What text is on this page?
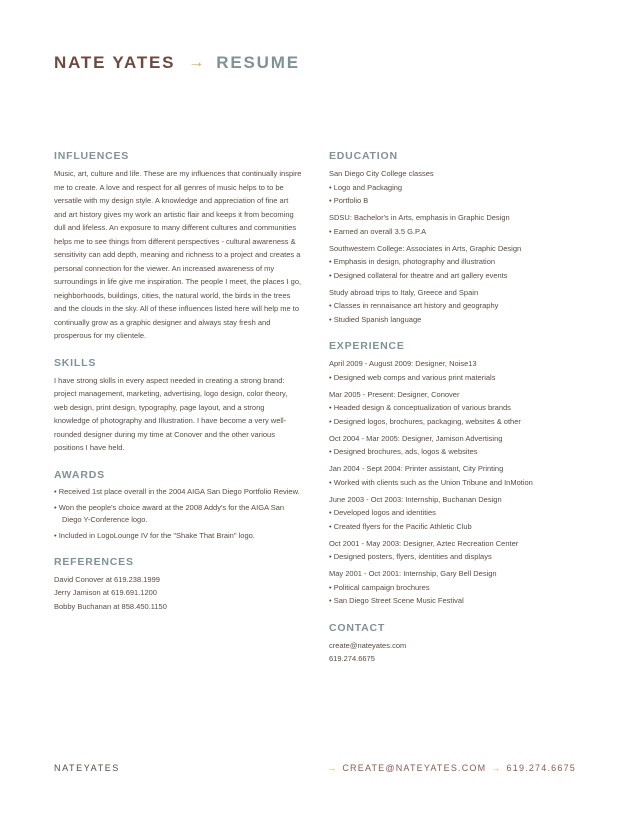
NATE YATES → RESUME
INFLUENCES

Music, art, culture and life. These are my influences that continually inspire me to create. A love and respect for all genres of music helps to to be versatile with my design style. A knowledge and appreciation of fine art and art history gives my work an artistic flair and keeps it from becoming dull and lifeless. An exposure to many different cultures and communities helps me to see things from different perspectives - cultural awareness & sensitivity can add depth, meaning and richness to a project and creates a personal connection for the viewer. An increased awareness of my surroundings in life give me inspiration. The people I meet, the places I go, neighborhoods, buildings, cities, the natural world, the birds in the trees and the clouds in the sky. All of these influences listed here will help me to continually grow as a graphic designer and always stay fresh and prosperous for my clientele.

SKILLS

I have strong skills in every aspect needed in creating a strong brand: project management, marketing, advertising, logo design, color theory, web design, print design, typography, page layout, and a strong knowledge of photography and Illustration. I have become a very well-rounded designer during my time at Conover and the other various positions I have held.

AWARDS
• Received 1st place overall in the 2004 AIGA San Diego Portfolio Review.
• Won the people's choice award at the 2008 Addy's for the AIGA San Diego Y-Conference logo.
• Included in LogoLounge IV for the "Shake That Brain" logo.
REFERENCES
David Conover at 619.238.1999
Jerry Jamison at 619.691.1200
Bobby Buchanan at 858.450.1150
EDUCATION
San Diego City College classes
• Logo and Packaging
• Portfolio B
SDSU: Bachelor's in Arts, emphasis in Graphic Design
• Earned an overall 3.5 G.P.A
Southwestern College: Associates in Arts, Graphic Design
• Emphasis in design, photography and illustration
• Designed collateral for theatre and art gallery events
Study abroad trips to Italy, Greece and Spain
• Classes in rennaisance art history and geography
• Studied Spanish language
EXPERIENCE
April 2009 - August 2009: Designer, Noise13
• Designed web comps and various print materials
Mar 2005 - Present: Designer, Conover
• Headed design & conceptualization of various brands
• Designed logos, brochures, packaging, websites & other
Oct 2004 - Mar 2005: Designer, Jamison Advertising
• Designed brochures, ads, logos & websites
Jan 2004 - Sept 2004: Printer assistant, City Printing
• Worked with clients such as the Union Tribune and InMotion
June 2003 - Oct 2003: Internship, Buchanan Design
• Developed logos and identities
• Created flyers for the Pacific Athletic Club
Oct 2001 - May 2003: Designer, Aztec Recreation Center
• Designed posters, flyers, identities and displays
May 2001 - Oct 2001: Internship, Gary Bell Design
• Political campaign brochures
• San Diego Street Scene Music Festival
CONTACT
create@nateyates.com
619.274.6675
NATEYATES	→ CREATE@NATEYATES.COM → 619.274.6675
